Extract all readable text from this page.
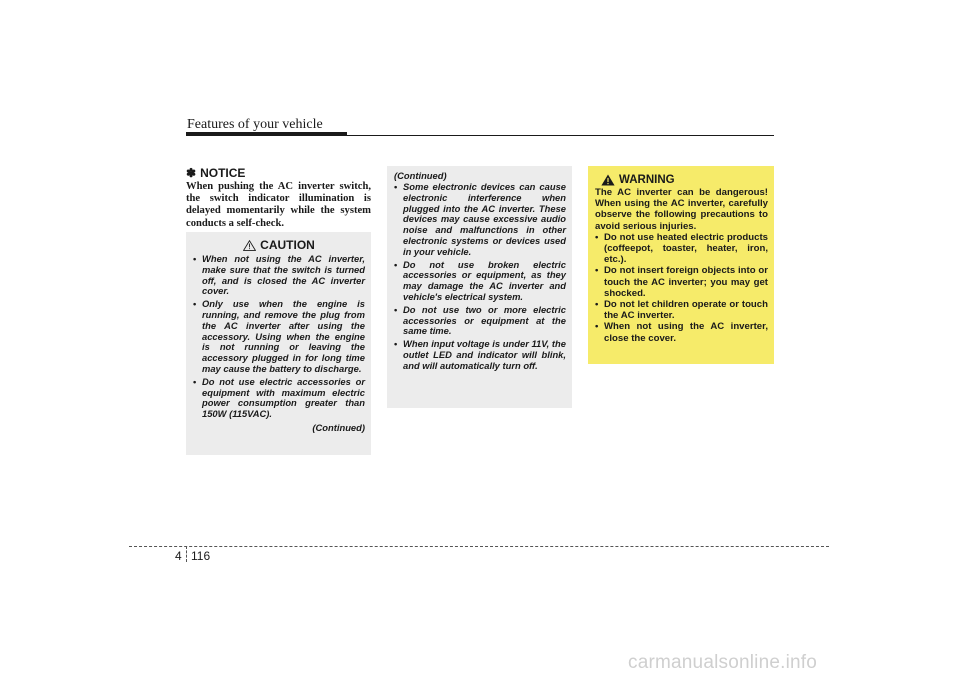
Features of your vehicle
✽ NOTICE
When pushing the AC inverter switch, the switch indicator illumination is delayed momentarily while the system conducts a self-check.
CAUTION
• When not using the AC inverter, make sure that the switch is turned off, and is closed the AC inverter cover.
• Only use when the engine is running, and remove the plug from the AC inverter after using the accessory. Using when the engine is not running or leaving the accessory plugged in for long time may cause the battery to discharge.
• Do not use electric accessories or equipment with maximum electric power consumption greater than 150W (115VAC).
(Continued)
(Continued)
• Some electronic devices can cause electronic interference when plugged into the AC inverter. These devices may cause excessive audio noise and malfunctions in other electronic systems or devices used in your vehicle.
• Do not use broken electric accessories or equipment, as they may damage the AC inverter and vehicle's electrical system.
• Do not use two or more electric accessories or equipment at the same time.
• When input voltage is under 11V, the outlet LED and indicator will blink, and will automatically turn off.
WARNING
The AC inverter can be dangerous! When using the AC inverter, carefully observe the following precautions to avoid serious injuries.
• Do not use heated electric products (coffeepot, toaster, heater, iron, etc.).
• Do not insert foreign objects into or touch the AC inverter; you may get shocked.
• Do not let children operate or touch the AC inverter.
• When not using the AC inverter, close the cover.
4 116
carmanualsonline.info
